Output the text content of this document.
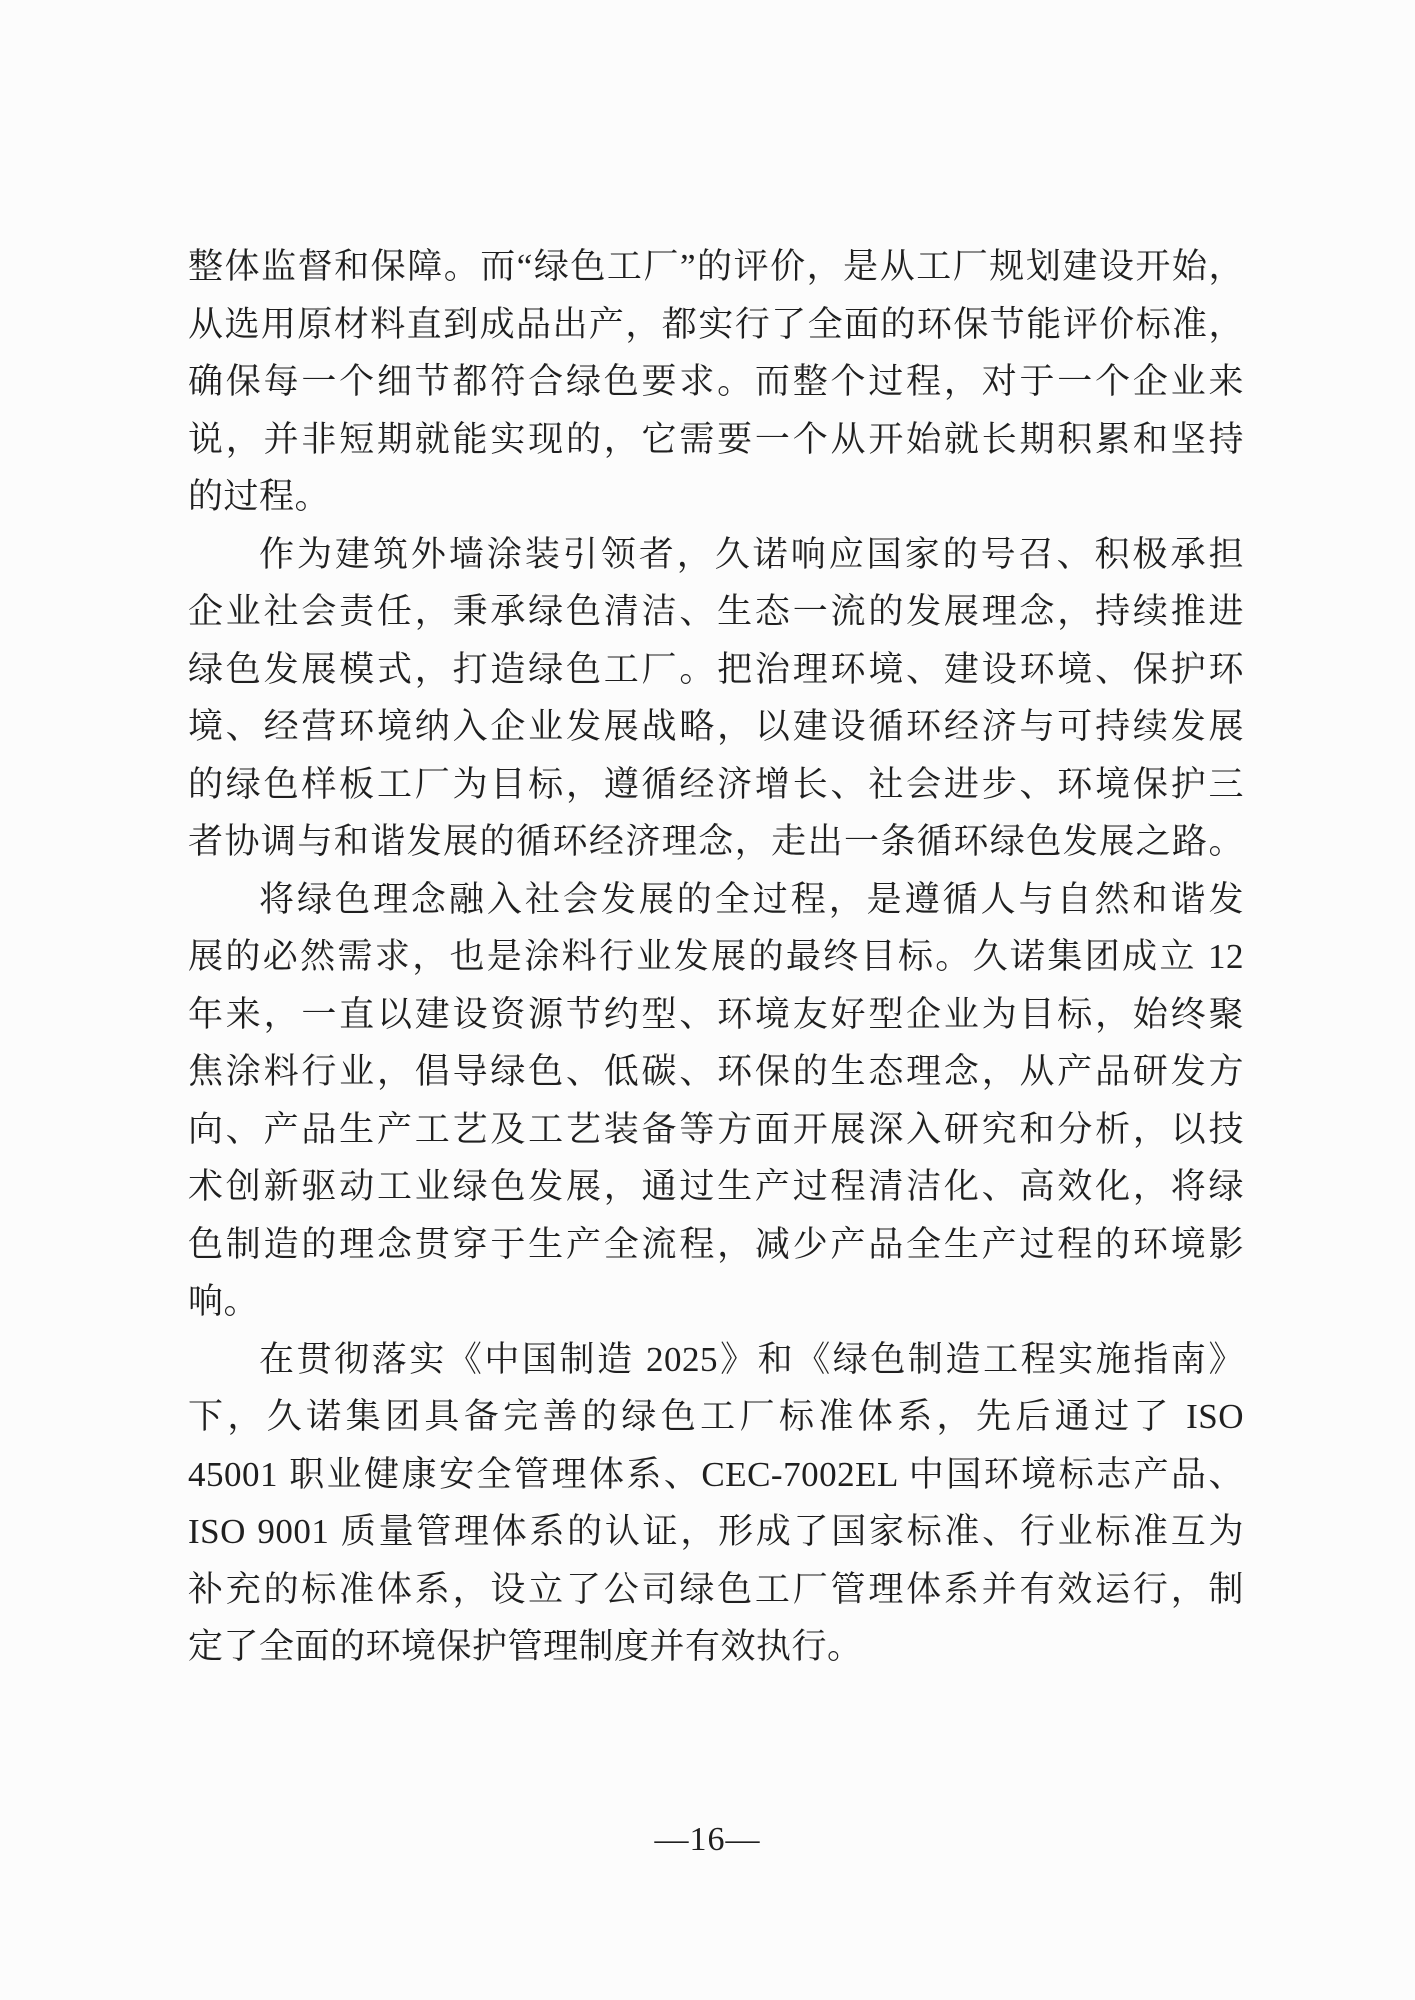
整体监督和保障。而“绿色工厂”的评价，是从工厂规划建设开始，
从选用原材料直到成品出产，都实行了全面的环保节能评价标准，
确保每一个细节都符合绿色要求。而整个过程，对于一个企业来
说，并非短期就能实现的，它需要一个从开始就长期积累和坚持
的过程。
作为建筑外墙涂装引领者，久诺响应国家的号召、积极承担
企业社会责任，秉承绿色清洁、生态一流的发展理念，持续推进
绿色发展模式，打造绿色工厂。把治理环境、建设环境、保护环
境、经营环境纳入企业发展战略，以建设循环经济与可持续发展
的绿色样板工厂为目标，遵循经济增长、社会进步、环境保护三
者协调与和谐发展的循环经济理念，走出一条循环绿色发展之路。
将绿色理念融入社会发展的全过程，是遵循人与自然和谐发
展的必然需求，也是涂料行业发展的最终目标。久诺集团成立 12
年来，一直以建设资源节约型、环境友好型企业为目标，始终聚
焦涂料行业，倡导绿色、低碳、环保的生态理念，从产品研发方
向、产品生产工艺及工艺装备等方面开展深入研究和分析，以技
术创新驱动工业绿色发展，通过生产过程清洁化、高效化，将绿
色制造的理念贯穿于生产全流程，减少产品全生产过程的环境影
响。
在贯彻落实《中国制造 2025》和《绿色制造工程实施指南》
下，久诺集团具备完善的绿色工厂标准体系，先后通过了 ISO
45001 职业健康安全管理体系、CEC-7002EL 中国环境标志产品、
ISO 9001 质量管理体系的认证，形成了国家标准、行业标准互为
补充的标准体系，设立了公司绿色工厂管理体系并有效运行，制
定了全面的环境保护管理制度并有效执行。
—16—
